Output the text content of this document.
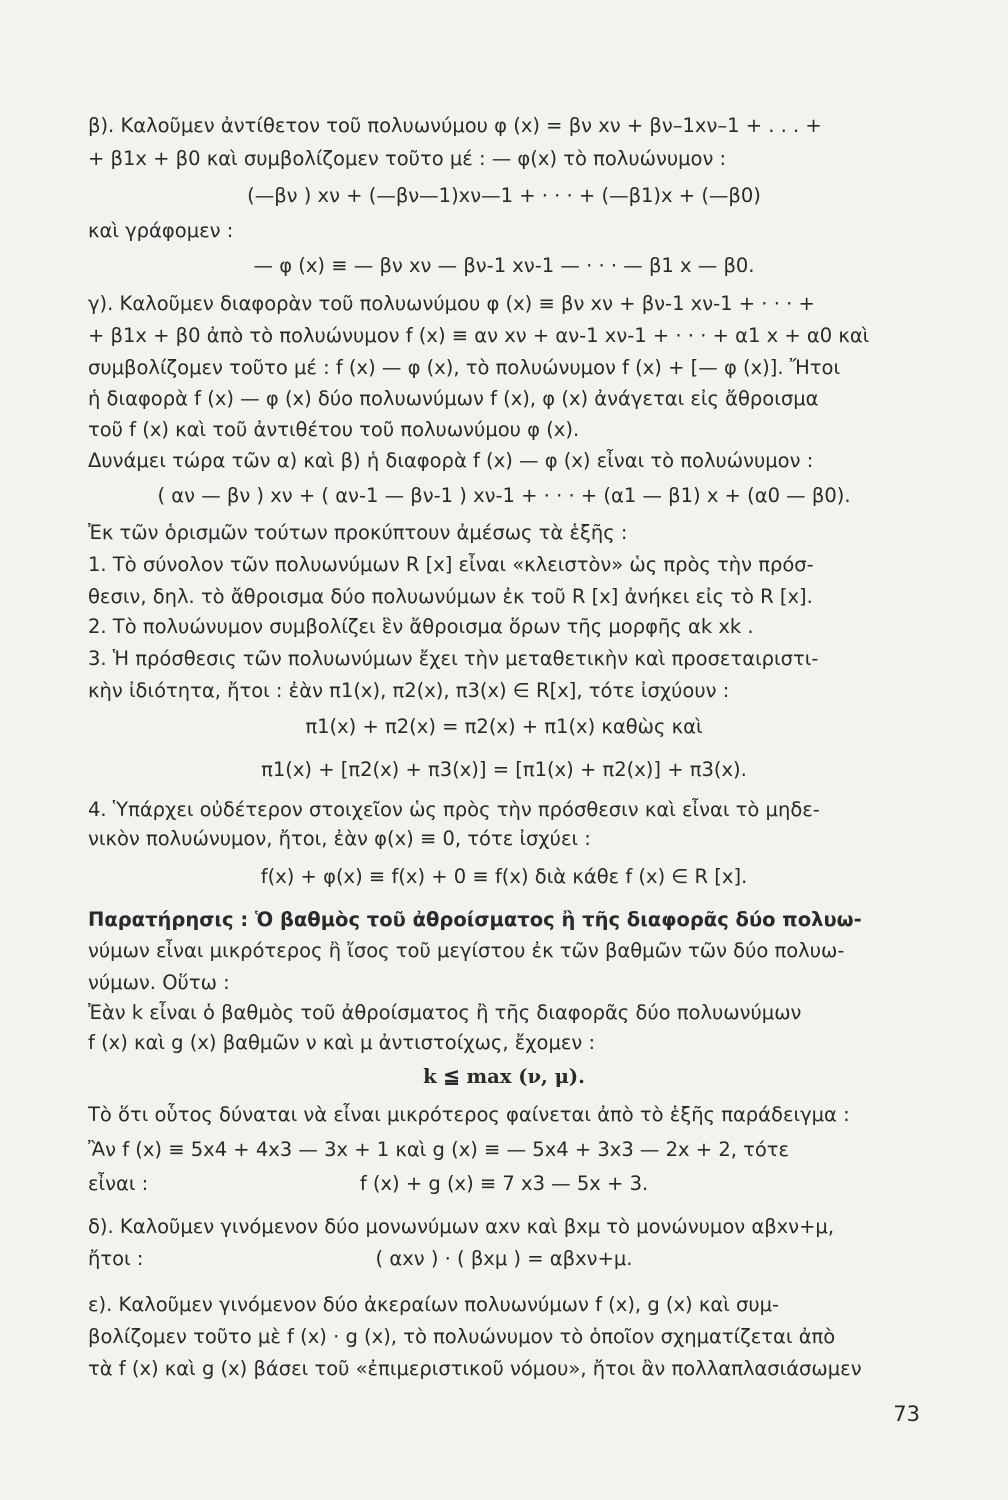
β). Καλοῦμεν ἀντίθετον τοῦ πολυωνύμου φ (x) = βν xν + βν–1xν–1 + . . . +
+ β1x + β0 καὶ συμβολίζομεν τοῦτο μέ : — φ(x) τὸ πολυώνυμον :
(—βν ) xν + (—βν—1)xν—1 + · · · + (—β1)x + (—β0)
καὶ γράφομεν :
— φ (x) ≡ — βν xν — βν-1 xν-1 — · · · — β1 x — β0.
γ). Καλοῦμεν διαφορὰν τοῦ πολυωνύμου φ (x) ≡ βν xν + βν-1 xν-1 + · · · +
+ β1x + β0 ἀπὸ τὸ πολυώνυμον f (x) ≡ αν xν + αν-1 xν-1 + · · · + α1 x + α0 καὶ
συμβολίζομεν τοῦτο μέ : f (x) — φ (x), τὸ πολυώνυμον f (x) + [— φ (x)]. Ἤτοι
ἡ διαφορὰ f (x) — φ (x) δύο πολυωνύμων f (x), φ (x) ἀνάγεται εἰς ἄθροισμα
τοῦ f (x) καὶ τοῦ ἀντιθέτου τοῦ πολυωνύμου φ (x).
Δυνάμει τώρα τῶν α) καὶ β) ἡ διαφορὰ f (x) — φ (x) εἶναι τὸ πολυώνυμον :
( αν — βν ) xν + ( αν-1 — βν-1 ) xν-1 + · · · + (α1 — β1) x + (α0 — β0).
Ἐκ τῶν ὁρισμῶν τούτων προκύπτουν ἀμέσως τὰ ἑξῆς :
1. Τὸ σύνολον τῶν πολυωνύμων R [x] εἶναι «κλειστὸν» ὡς πρὸς τὴν πρόσ-
θεσιν, δηλ. τὸ ἄθροισμα δύο πολυωνύμων ἐκ τοῦ R [x] ἀνήκει εἰς τὸ R [x].
2. Τὸ πολυώνυμον συμβολίζει ἓν ἄθροισμα ὅρων τῆς μορφῆς αk xk .
3. Ἡ πρόσθεσις τῶν πολυωνύμων ἔχει τὴν μεταθετικὴν καὶ προσεταιριστι-
κὴν ἰδιότητα, ἤτοι : ἐὰν π1(x), π2(x), π3(x) ∈ R[x], τότε ἰσχύουν :
π1(x) + π2(x) = π2(x) + π1(x) καθὼς καὶ
π1(x) + [π2(x) + π3(x)] = [π1(x) + π2(x)] + π3(x).
4. Ὑπάρχει οὐδέτερον στοιχεῖον ὡς πρὸς τὴν πρόσθεσιν καὶ εἶναι τὸ μηδε-
νικὸν πολυώνυμον, ἤτοι, ἐὰν φ(x) ≡ 0, τότε ἰσχύει :
f(x) + φ(x) ≡ f(x) + 0 ≡ f(x) διὰ κάθε f (x) ∈ R [x].
Παρατήρησις : Ὁ βαθμὸς τοῦ ἀθροίσματος ἢ τῆς διαφορᾶς δύο πολυω-
νύμων εἶναι μικρότερος ἢ ἴσος τοῦ μεγίστου ἐκ τῶν βαθμῶν τῶν δύο πολυω-
νύμων. Οὕτω :
Ἐὰν k εἶναι ὁ βαθμὸς τοῦ ἀθροίσματος ἢ τῆς διαφορᾶς δύο πολυωνύμων
f (x) καὶ g (x) βαθμῶν ν καὶ μ ἀντιστοίχως, ἔχομεν :
k ≦ max (ν, μ).
Τὸ ὅτι οὗτος δύναται νὰ εἶναι μικρότερος φαίνεται ἀπὸ τὸ ἑξῆς παράδειγμα :
Ἂν f (x) ≡ 5x4 + 4x3 — 3x + 1 καὶ g (x) ≡ — 5x4 + 3x3 — 2x + 2, τότε
εἶναι :	f (x) + g (x) ≡ 7 x3 — 5x + 3.
δ). Καλοῦμεν γινόμενον δύο μονωνύμων αxν καὶ βxμ τὸ μονώνυμον αβxν+μ,
ἤτοι :	( αxν ) · ( βxμ ) = αβxν+μ.
ε). Καλοῦμεν γινόμενον δύο ἀκεραίων πολυωνύμων f (x), g (x) καὶ συμ-
βολίζομεν τοῦτο μὲ f (x) · g (x), τὸ πολυώνυμον τὸ ὁποῖον σχηματίζεται ἀπὸ
τὰ f (x) καὶ g (x) βάσει τοῦ «ἐπιμεριστικοῦ νόμου», ἤτοι ἂν πολλαπλασιάσωμεν
73
